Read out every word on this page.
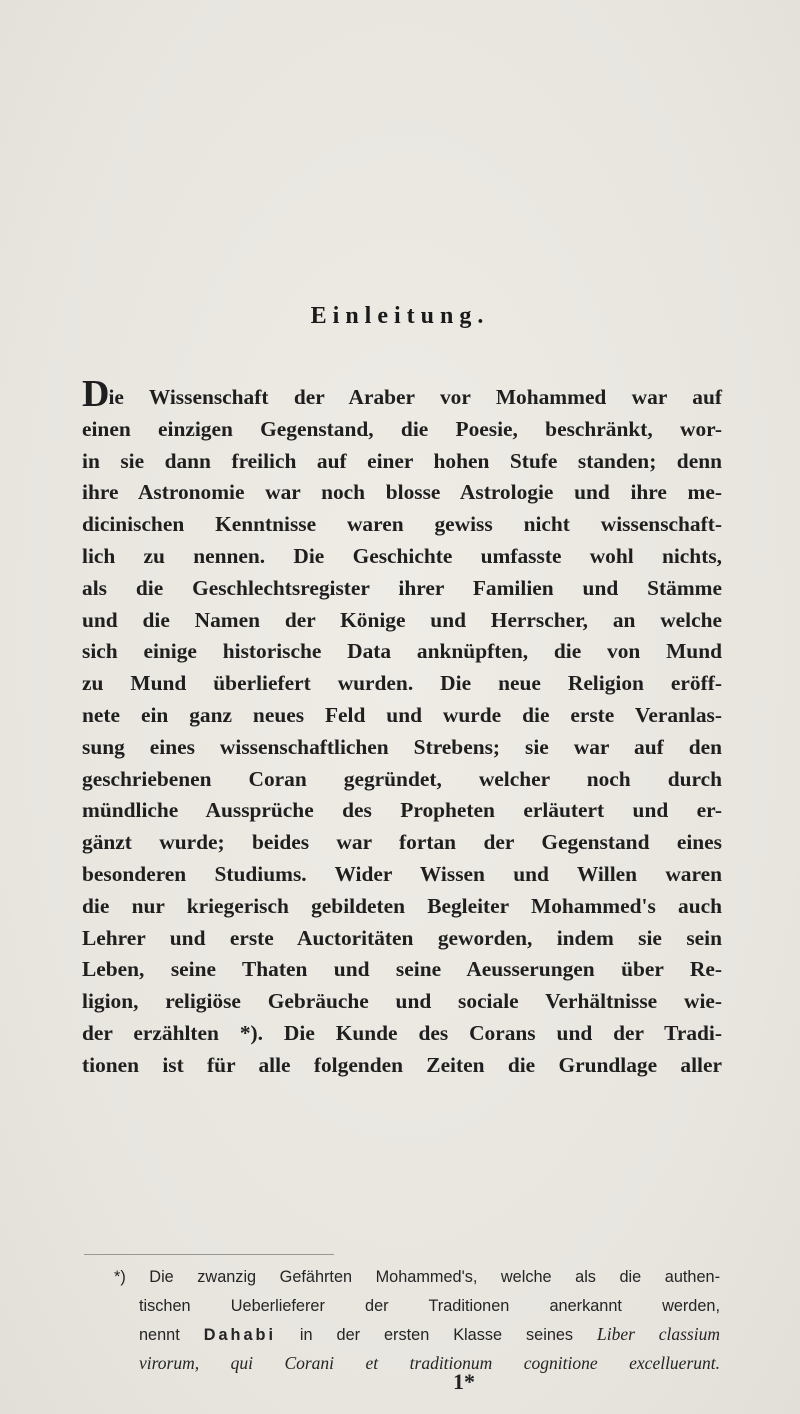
Einleitung.
Die Wissenschaft der Araber vor Mohammed war auf
einen einzigen Gegenstand, die Poesie, beschränkt, wor-
in sie dann freilich auf einer hohen Stufe standen; denn
ihre Astronomie war noch blosse Astrologie und ihre me-
dicinischen Kenntnisse waren gewiss nicht wissenschaft-
lich zu nennen. Die Geschichte umfasste wohl nichts,
als die Geschlechtsregister ihrer Familien und Stämme
und die Namen der Könige und Herrscher, an welche
sich einige historische Data anknüpften, die von Mund
zu Mund überliefert wurden. Die neue Religion eröff-
nete ein ganz neues Feld und wurde die erste Veranlas-
sung eines wissenschaftlichen Strebens; sie war auf den
geschriebenen Coran gegründet, welcher noch durch
mündliche Aussprüche des Propheten erläutert und er-
gänzt wurde; beides war fortan der Gegenstand eines
besonderen Studiums. Wider Wissen und Willen waren
die nur kriegerisch gebildeten Begleiter Mohammed's auch
Lehrer und erste Auctoritäten geworden, indem sie sein
Leben, seine Thaten und seine Aeusserungen über Re-
ligion, religiöse Gebräuche und sociale Verhältnisse wie-
der erzählten *). Die Kunde des Corans und der Tradi-
tionen ist für alle folgenden Zeiten die Grundlage aller
*) Die zwanzig Gefährten Mohammed's, welche als die authen-
tischen Ueberlieferer der Traditionen anerkannt werden,
nennt Dahabi in der ersten Klasse seines Liber classium
virorum, qui Corani et traditionum cognitione excelluerunt.
1*
